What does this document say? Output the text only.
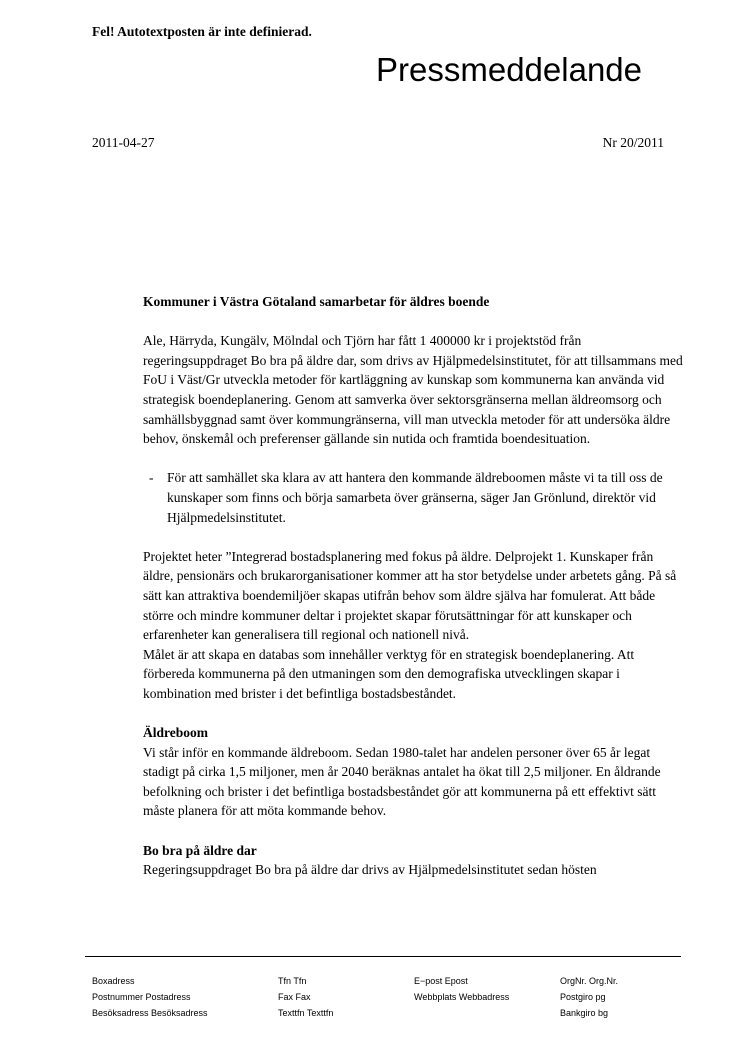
Fel! Autotextposten är inte definierad.
Pressmeddelande
2011-04-27	Nr 20/2011

Kommuner i Västra Götaland samarbetar för äldres boende

Ale, Härryda, Kungälv, Mölndal och Tjörn har fått 1 400000 kr i projektstöd från regeringsuppdraget Bo bra på äldre dar, som drivs av Hjälpmedelsinstitutet, för att tillsammans med FoU i Väst/Gr utveckla metoder för kartläggning av kunskap som kommunerna kan använda vid strategisk boendeplanering. Genom att samverka över sektorsgränserna mellan äldreomsorg och samhällsbyggnad samt över kommungränserna, vill man utveckla metoder för att undersöka äldre behov, önskemål och preferenser gällande sin nutida och framtida boendesituation.

-	För att samhället ska klara av att hantera den kommande äldreboomen måste vi ta till oss de kunskaper som finns och börja samarbeta över gränserna, säger Jan Grönlund, direktör vid Hjälpmedelsinstitutet.

Projektet heter ”Integrerad bostadsplanering med fokus på äldre. Delprojekt 1. Kunskaper från äldre, pensionärs och brukarorganisationer kommer att ha stor betydelse under arbetets gång. På så sätt kan attraktiva boendemiljöer skapas utifrån behov som äldre själva har fomulerat. Att både större och mindre kommuner deltar i projektet skapar förutsättningar för att kunskaper och erfarenheter kan generalisera till regional och nationell nivå.

Målet är att skapa en databas som innehåller verktyg för en strategisk boendeplanering. Att förbereda kommunerna på den utmaningen som den demografiska utvecklingen skapar i kombination med brister i det befintliga bostadsbeståndet.

Äldreboom

Vi står inför en kommande äldreboom. Sedan 1980-talet har andelen personer över 65 år legat stadigt på cirka 1,5 miljoner, men år 2040 beräknas antalet ha ökat till 2,5 miljoner. En åldrande befolkning och brister i det befintliga bostadsbeståndet gör att kommunerna på ett effektivt sätt måste planera för att möta kommande behov.

Bo bra på äldre dar

Regeringsuppdraget Bo bra på äldre dar drivs av Hjälpmedelsinstitutet sedan hösten

Boxadress
Postnummer Postadress
Besöksadress Besöksadress
Tfn Tfn
Fax Fax
Texttfn Texttfn
E−post Epost
Webbplats Webbadress
OrgNr. Org.Nr.
Postgiro pg
Bankgiro bg
